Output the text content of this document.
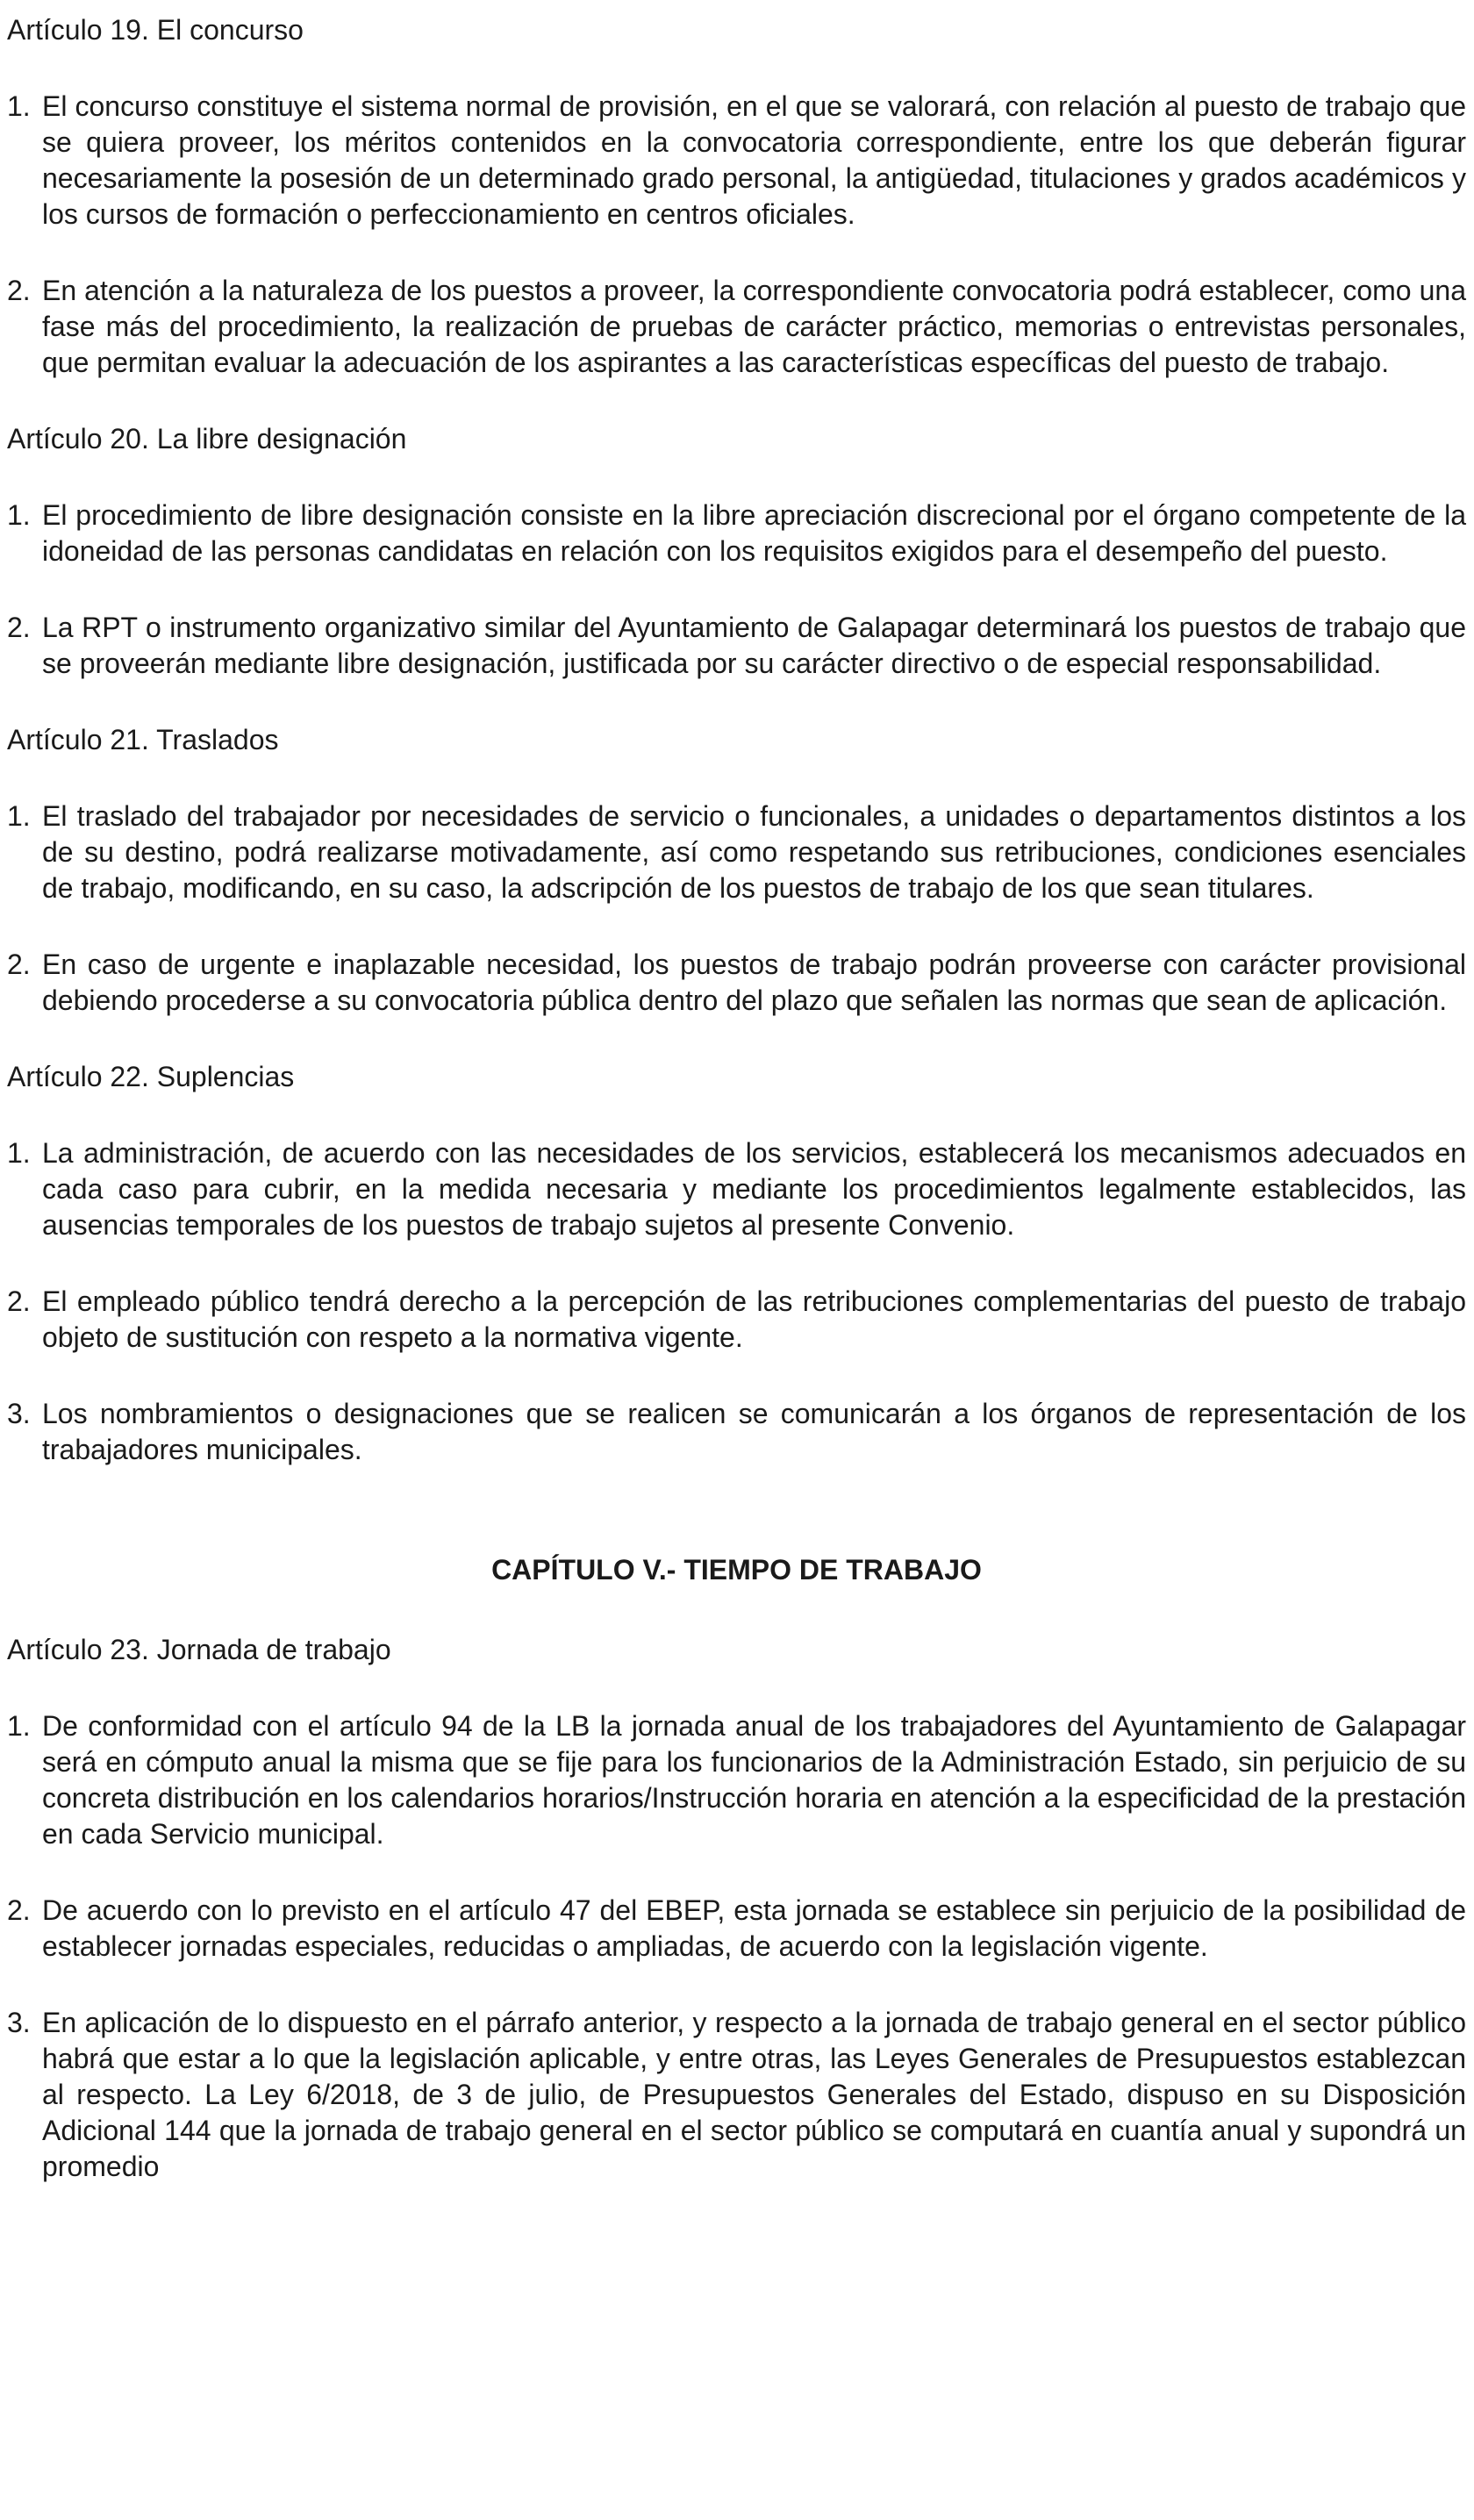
Artículo 19. El concurso

1. El concurso constituye el sistema normal de provisión, en el que se valorará, con relación al puesto de trabajo que se quiera proveer, los méritos contenidos en la convocatoria correspondiente, entre los que deberán figurar necesariamente la posesión de un determinado grado personal, la antigüedad, titulaciones y grados académicos y los cursos de formación o perfeccionamiento en centros oficiales.

2. En atención a la naturaleza de los puestos a proveer, la correspondiente convocatoria podrá establecer, como una fase más del procedimiento, la realización de pruebas de carácter práctico, memorias o entrevistas personales, que permitan evaluar la adecuación de los aspirantes a las características específicas del puesto de trabajo.

Artículo 20. La libre designación

1. El procedimiento de libre designación consiste en la libre apreciación discrecional por el órgano competente de la idoneidad de las personas candidatas en relación con los requisitos exigidos para el desempeño del puesto.

2. La RPT o instrumento organizativo similar del Ayuntamiento de Galapagar determinará los puestos de trabajo que se proveerán mediante libre designación, justificada por su carácter directivo o de especial responsabilidad.

Artículo 21. Traslados

1. El traslado del trabajador por necesidades de servicio o funcionales, a unidades o departamentos distintos a los de su destino, podrá realizarse motivadamente, así como respetando sus retribuciones, condiciones esenciales de trabajo, modificando, en su caso, la adscripción de los puestos de trabajo de los que sean titulares.

2. En caso de urgente e inaplazable necesidad, los puestos de trabajo podrán proveerse con carácter provisional debiendo procederse a su convocatoria pública dentro del plazo que señalen las normas que sean de aplicación.

Artículo 22. Suplencias

1. La administración, de acuerdo con las necesidades de los servicios, establecerá los mecanismos adecuados en cada caso para cubrir, en la medida necesaria y mediante los procedimientos legalmente establecidos, las ausencias temporales de los puestos de trabajo sujetos al presente Convenio.

2. El empleado público tendrá derecho a la percepción de las retribuciones complementarias del puesto de trabajo objeto de sustitución con respeto a la normativa vigente.

3. Los nombramientos o designaciones que se realicen se comunicarán a los órganos de representación de los trabajadores municipales.

CAPÍTULO V.- TIEMPO DE TRABAJO

Artículo 23. Jornada de trabajo

1. De conformidad con el artículo 94 de la LB la jornada anual de los trabajadores del Ayuntamiento de Galapagar será en cómputo anual la misma que se fije para los funcionarios de la Administración Estado, sin perjuicio de su concreta distribución en los calendarios horarios/Instrucción horaria en atención a la especificidad de la prestación en cada Servicio municipal.

2. De acuerdo con lo previsto en el artículo 47 del EBEP, esta jornada se establece sin perjuicio de la posibilidad de establecer jornadas especiales, reducidas o ampliadas, de acuerdo con la legislación vigente.

3. En aplicación de lo dispuesto en el párrafo anterior, y respecto a la jornada de trabajo general en el sector público habrá que estar a lo que la legislación aplicable, y entre otras, las Leyes Generales de Presupuestos establezcan al respecto. La Ley 6/2018, de 3 de julio, de Presupuestos Generales del Estado, dispuso en su Disposición Adicional 144 que la jornada de trabajo general en el sector público se computará en cuantía anual y supondrá un promedio
